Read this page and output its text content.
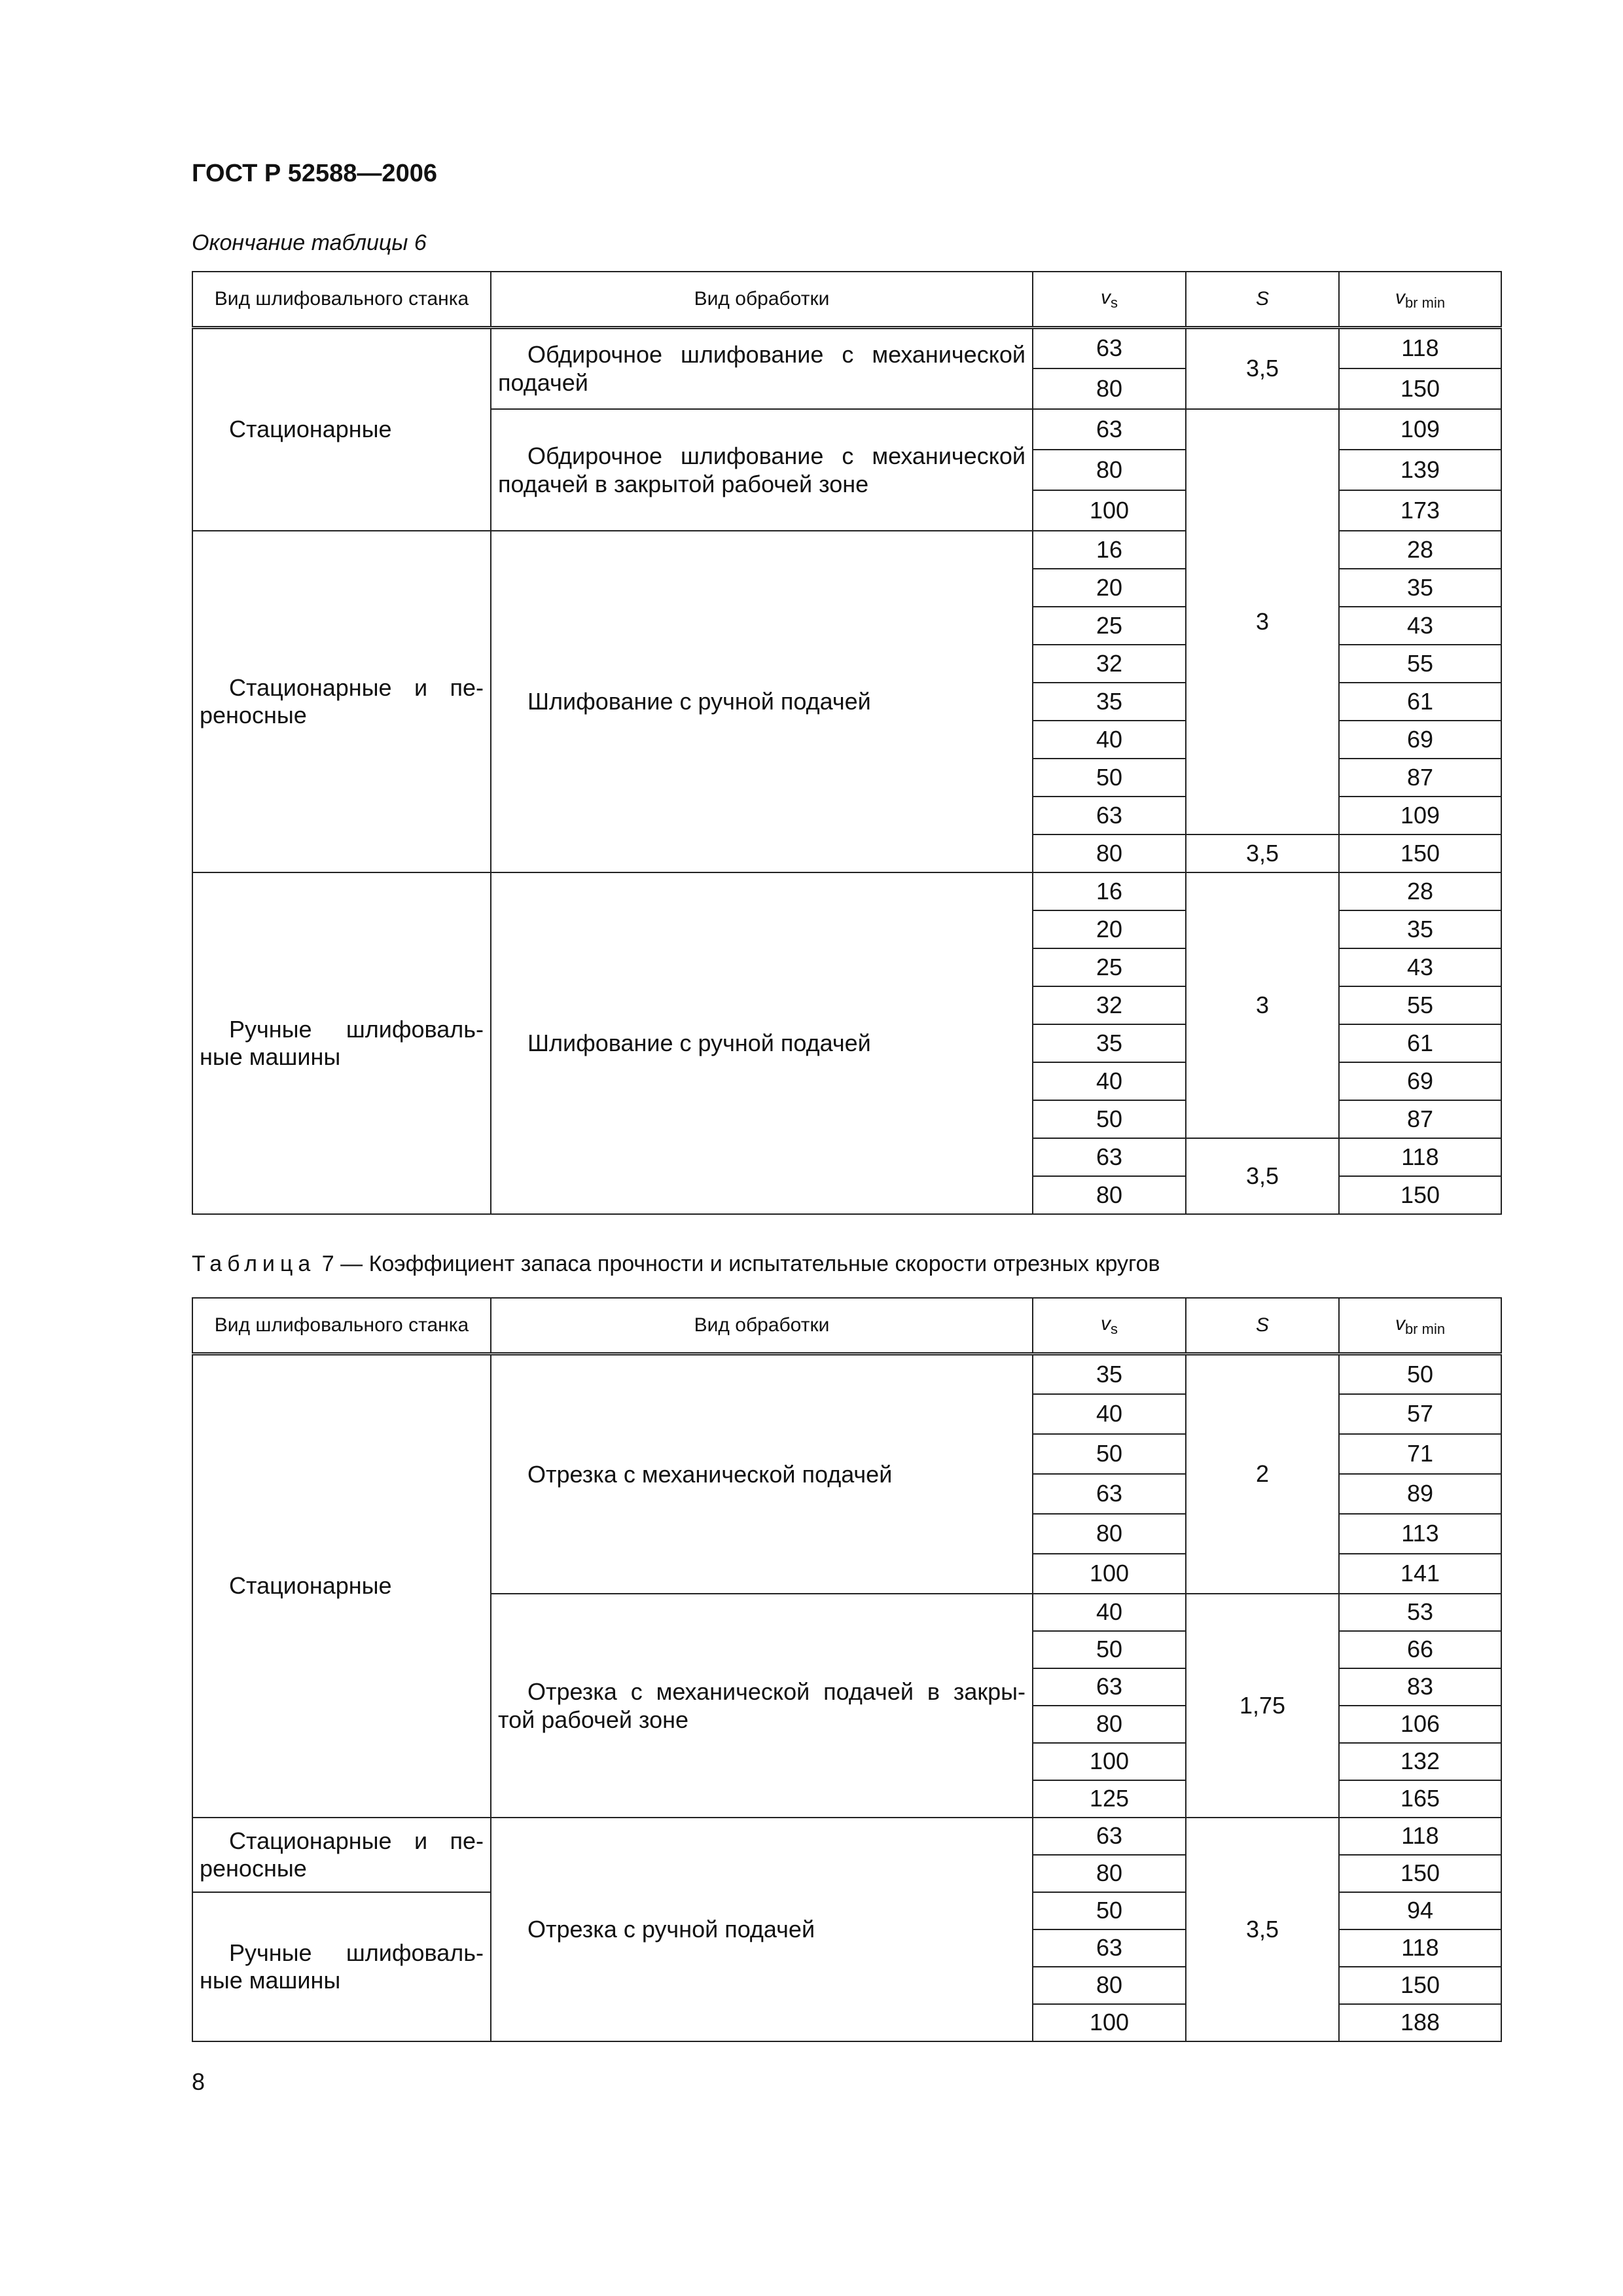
ГОСТ Р 52588—2006
Окончание таблицы 6
Вид шлифовального станка	Вид обработки	$v_s$	S	$v_{br min}$
Стационарные	Обдирочное шлифование с механической подачей	63	3,5	118
		80		150
	Обдирочное шлифование с механической подачей в закрытой рабочей зоне	63	3	109
		80		139
		100		173
Стационарные и пе-реносные	Шлифование с ручной подачей	16		28
		20		35
		25		43
		32		55
		35		61
		40		69
		50		87
		63		109
		80	3,5	150
Ручные шлифоваль-ные машины	Шлифование с ручной подачей	16	3	28
		20		35
		25		43
		32		55
		35		61
		40		69
		50		87
		63	3,5	118
		80		150
Таблица 7 — Коэффициент запаса прочности и испытательные скорости отрезных кругов
Вид шлифовального станка	Вид обработки	$v_s$	S	$v_{br min}$
Стационарные	Отрезка с механической подачей	35	2	50
		40		57
		50		71
		63		89
		80		113
		100		141
	Отрезка с механической подачей в закры-той рабочей зоне	40	1,75	53
		50		66
		63		83
		80		106
		100		132
		125		165
Стационарные и пе-реносные	Отрезка с ручной подачей	63	3,5	118
		80		150
Ручные шлифоваль-ные машины		50		94
		63		118
		80		150
		100		188
8
